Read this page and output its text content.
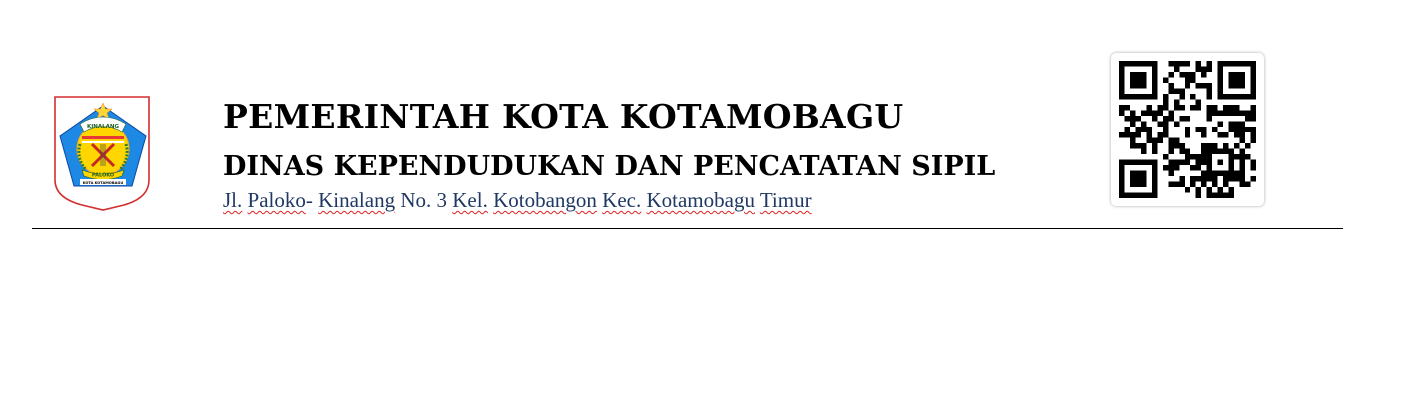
KINALANG
PALOKO
KOTA KOTAMOBAGU
PEMERINTAH KOTA KOTAMOBAGU
DINAS KEPENDUDUKAN DAN PENCATATAN SIPIL
Jl. Paloko- Kinalang No. 3 Kel. Kotobangon Kec. Kotamobagu Timur
